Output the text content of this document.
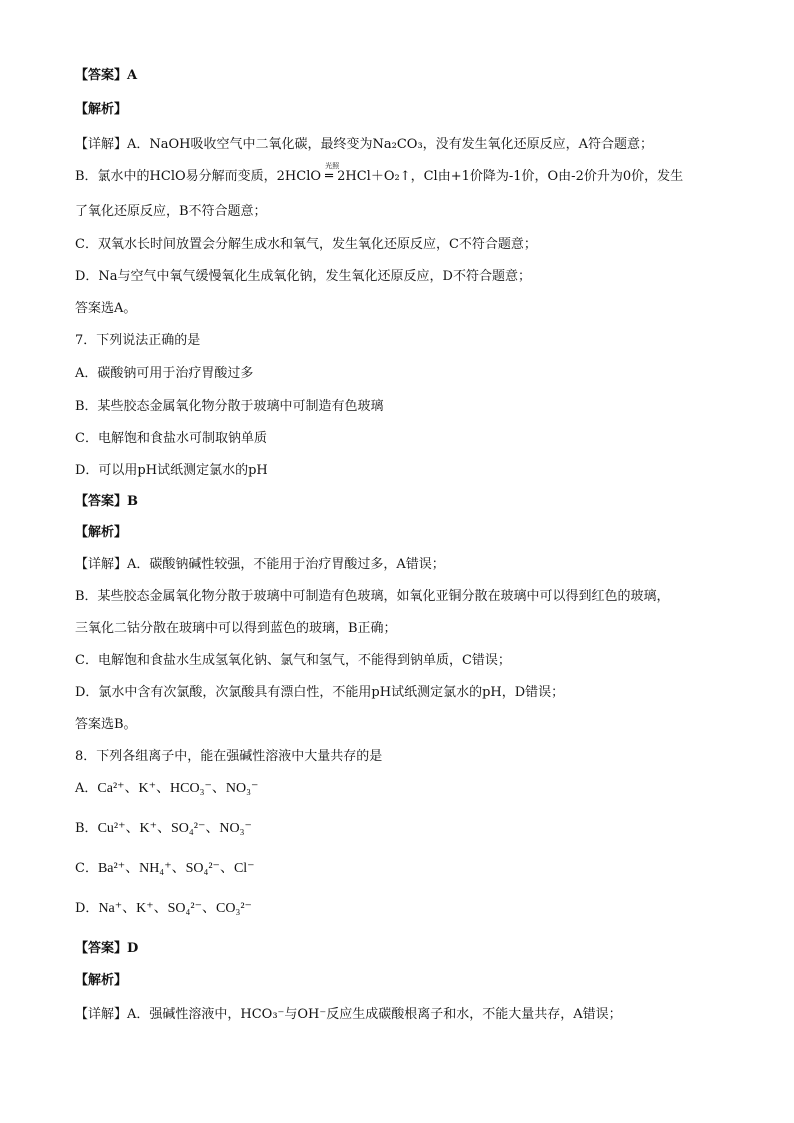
【答案】A
【解析】
【详解】A．NaOH吸收空气中二氧化碳，最终变为Na₂CO₃，没有发生氧化还原反应，A符合题意；
B．氯水中的HClO易分解而变质，2HClO
光照
═ 2HCl＋O₂↑，Cl由+1价降为-1价，O由-2价升为0价，发生
了氧化还原反应，B不符合题意；
C．双氧水长时间放置会分解生成水和氧气，发生氧化还原反应，C不符合题意；
D．Na与空气中氧气缓慢氧化生成氧化钠，发生氧化还原反应，D不符合题意；
答案选A。
7．下列说法正确的是
A．碳酸钠可用于治疗胃酸过多
B．某些胶态金属氧化物分散于玻璃中可制造有色玻璃
C．电解饱和食盐水可制取钠单质
D．可以用pH试纸测定氯水的pH
【答案】B
【解析】
【详解】A．碳酸钠碱性较强，不能用于治疗胃酸过多，A错误；
B．某些胶态金属氧化物分散于玻璃中可制造有色玻璃，如氧化亚铜分散在玻璃中可以得到红色的玻璃，
三氧化二钴分散在玻璃中可以得到蓝色的玻璃，B正确；
C．电解饱和食盐水生成氢氧化钠、氯气和氢气，不能得到钠单质，C错误；
D．氯水中含有次氯酸，次氯酸具有漂白性，不能用pH试纸测定氯水的pH，D错误；
答案选B。
8．下列各组离子中，能在强碱性溶液中大量共存的是
A．Ca²⁺、K⁺、HCO₃⁻、NO₃⁻
B．Cu²⁺、K⁺、SO₄²⁻、NO₃⁻
C．Ba²⁺、NH₄⁺、SO₄²⁻、Cl⁻
D．Na⁺、K⁺、SO₄²⁻、CO₃²⁻
【答案】D
【解析】
【详解】A．强碱性溶液中，HCO₃⁻与OH⁻反应生成碳酸根离子和水，不能大量共存，A错误；
